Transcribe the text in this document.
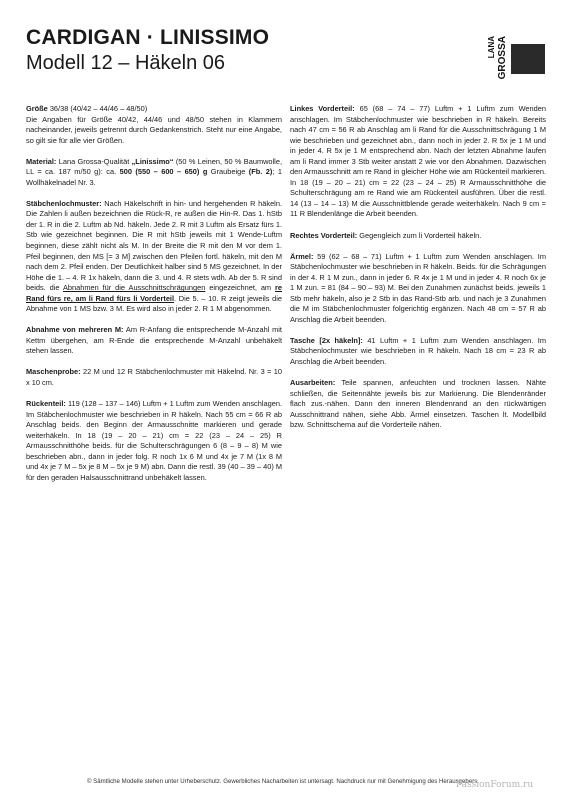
CARDIGAN · LINISSIMO
Modell 12 – Häkeln 06
LANA GROSSA

Größe 36/38 (40/42 – 44/46 – 48/50)
Die Angaben für Größe 40/42, 44/46 und 48/50 stehen in Klammern nacheinander, jeweils getrennt durch Gedankenstrich. Steht nur eine Angabe, so gilt sie für alle vier Größen.

Material: Lana Grossa-Qualität „Linissimo“ (50 % Leinen, 50 % Baumwolle, LL = ca. 187 m/50 g): ca. 500 (550 – 600 – 650) g Graubeige (Fb. 2); 1 Wollhäkelnadel Nr. 3.

Stäbchenlochmuster: Nach Häkelschrift in hin- und hergehenden R häkeln. Die Zahlen li außen bezeichnen die Rück-R, re außen die Hin-R. Das 1. hStb der 1. R in die 2. Luftm ab Nd. häkeln. Jede 2. R mit 3 Luftm als Ersatz fürs 1. Stb wie gezeichnet beginnen. Die R mit hStb jeweils mit 1 Wende-Luftm beginnen, diese zählt nicht als M. In der Breite die R mit den M vor dem 1. Pfeil beginnen, den MS [= 3 M] zwischen den Pfeilen fortl. häkeln, mit den M nach dem 2. Pfeil enden. Der Deutlichkeit halber sind 5 MS gezeichnet. In der Höhe die 1. – 4. R 1x häkeln, dann die 3. und 4. R stets wdh. Ab der 5. R sind beids. die Abnahmen für die Ausschnittschrägungen eingezeichnet, am re Rand fürs re, am li Rand fürs li Vorderteil. Die 5. – 10. R zeigt jeweils die Abnahme von 1 MS bzw. 3 M. Es wird also in jeder 2. R 1 M abgenommen.

Abnahme von mehreren M: Am R-Anfang die entsprechende M-Anzahl mit Kettm übergehen, am R-Ende die entsprechende M-Anzahl unbehäkelt stehen lassen.

Maschenprobe: 22 M und 12 R Stäbchenlochmuster mit Häkelnd. Nr. 3 = 10 x 10 cm.

Rückenteil: 119 (128 – 137 – 146) Luftm + 1 Luftm zum Wenden anschlagen. Im Stäbchenlochmuster wie beschrieben in R häkeln. Nach 55 cm = 66 R ab Anschlag beids. den Beginn der Armausschnitte markieren und gerade weiterhäkeln. In 18 (19 – 20 – 21) cm = 22 (23 – 24 – 25) R Armausschnitthöhe beids. für die Schulterschrägungen 6 (8 – 9 – 8) M wie beschrieben abn., dann in jeder folg. R noch 1x 6 M und 4x je 7 M (1x 8 M und 4x je 7 M – 5x je 8 M – 5x je 9 M) abn. Dann die restl. 39 (40 – 39 – 40) M für den geraden Halsausschnittrand unbehäkelt lassen.

Linkes Vorderteil: 65 (68 – 74 – 77) Luftm + 1 Luftm zum Wenden anschlagen. Im Stäbchenlochmuster wie beschrieben in R häkeln. Bereits nach 47 cm = 56 R ab Anschlag am li Rand für die Ausschnittschrägung 1 M wie beschrieben und gezeichnet abn., dann noch in jeder 2. R 5x je 1 M und in jeder 4. R 5x je 1 M entsprechend abn. Nach der letzten Abnahme laufen am li Rand immer 3 Stb weiter anstatt 2 wie vor den Abnahmen. Dazwischen den Armausschnitt am re Rand in gleicher Höhe wie am Rückenteil markieren. In 18 (19 – 20 – 21) cm = 22 (23 – 24 – 25) R Armausschnitthöhe die Schulterschrägung am re Rand wie am Rückenteil ausführen. Über die restl. 14 (13 – 14 – 13) M die Ausschnittblende gerade weiterhäkeln. Nach 9 cm = 11 R Blendenlänge die Arbeit beenden.

Rechtes Vorderteil: Gegengleich zum li Vorderteil häkeln.

Ärmel: 59 (62 – 68 – 71) Luftm + 1 Luftm zum Wenden anschlagen. Im Stäbchenlochmuster wie beschrieben in R häkeln. Beids. für die Schrägungen in der 4. R 1 M zun., dann in jeder 6. R 4x je 1 M und in jeder 4. R noch 6x je 1 M zun. = 81 (84 – 90 – 93) M. Bei den Zunahmen zunächst beids. jeweils 1 Stb mehr häkeln, also je 2 Stb in das Rand-Stb arb. und nach je 3 Zunahmen die M im Stäbchenlochmuster folgerichtig ergänzen. Nach 48 cm = 57 R ab Anschlag die Arbeit beenden.

Tasche [2x häkeln]: 41 Luftm + 1 Luftm zum Wenden anschlagen. Im Stäbchenlochmuster wie beschrieben in R häkeln. Nach 18 cm = 23 R ab Anschlag die Arbeit beenden.

Ausarbeiten: Teile spannen, anfeuchten und trocknen lassen. Nähte schließen, die Seitennähte jeweils bis zur Markierung. Die Blendenränder flach zus.-nähen. Dann den inneren Blendenrand an den rückwärtigen Ausschnittrand nähen, siehe Abb. Ärmel einsetzen. Taschen lt. Modellbild bzw. Schnittschema auf die Vorderteile nähen.

© Sämtliche Modelle stehen unter Urheberschutz. Gewerbliches Nacharbeiten ist untersagt. Nachdruck nur mit Genehmigung des Herausgebers.
PassionForum.ru
